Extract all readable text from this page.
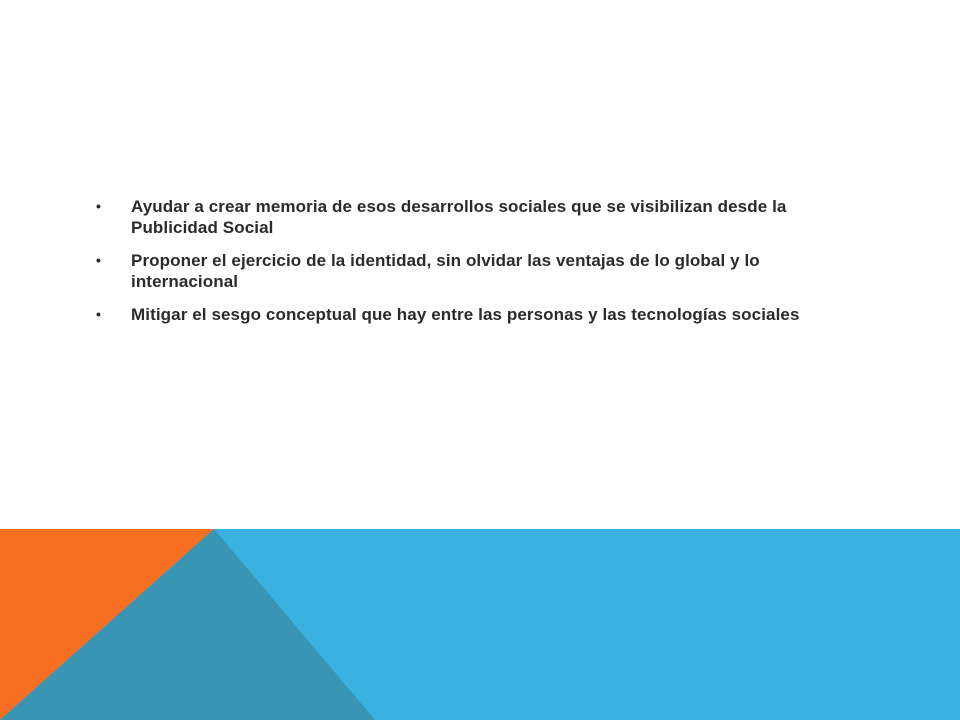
• Ayudar a crear memoria de esos desarrollos sociales que se visibilizan desde la Publicidad Social
• Proponer el ejercicio de la identidad, sin olvidar las ventajas de lo global y lo internacional
• Mitigar el sesgo conceptual que hay entre las personas y las tecnologías sociales
